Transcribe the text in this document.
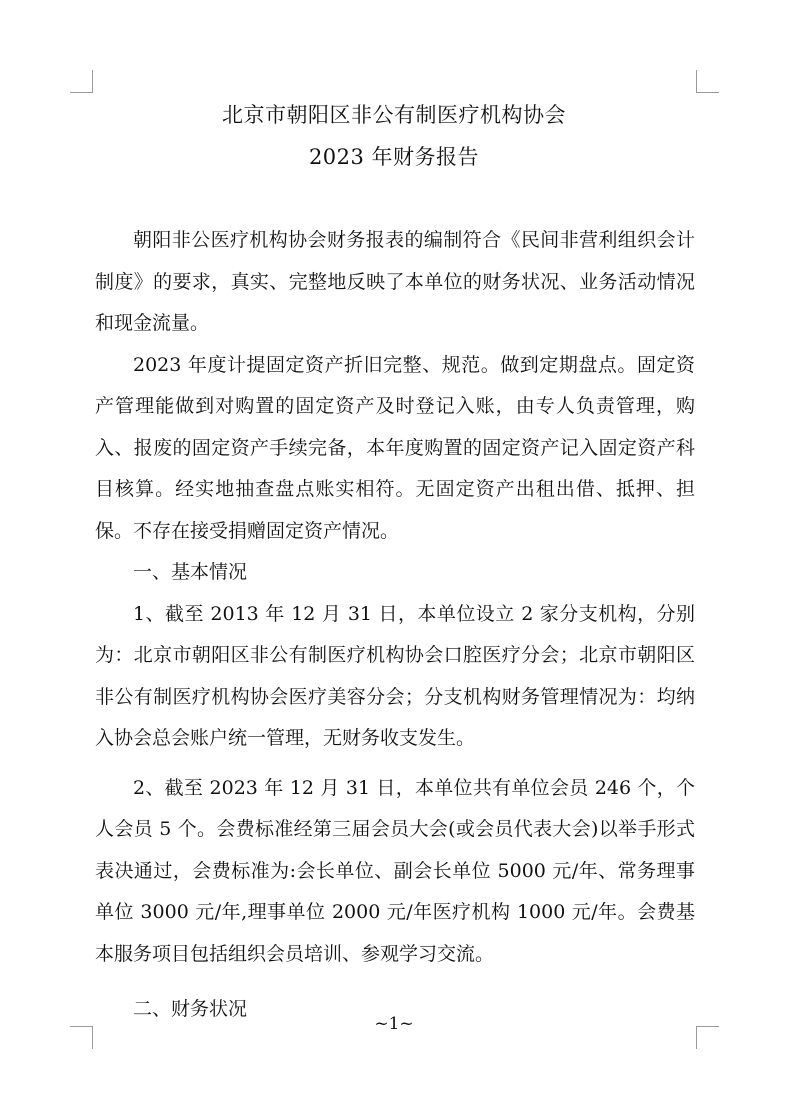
北京市朝阳区非公有制医疗机构协会
2023 年财务报告

朝阳非公医疗机构协会财务报表的编制符合《民间非营利组织会计制度》的要求，真实、完整地反映了本单位的财务状况、业务活动情况和现金流量。

2023 年度计提固定资产折旧完整、规范。做到定期盘点。固定资产管理能做到对购置的固定资产及时登记入账，由专人负责管理，购入、报废的固定资产手续完备，本年度购置的固定资产记入固定资产科目核算。经实地抽查盘点账实相符。无固定资产出租出借、抵押、担保。不存在接受捐赠固定资产情况。

一、基本情况

1、截至 2013 年 12 月 31 日，本单位设立 2 家分支机构，分别为：北京市朝阳区非公有制医疗机构协会口腔医疗分会；北京市朝阳区非公有制医疗机构协会医疗美容分会；分支机构财务管理情况为：均纳入协会总会账户统一管理，无财务收支发生。

2、截至 2023 年 12 月 31 日，本单位共有单位会员 246 个，个人会员 5 个。会费标准经第三届会员大会(或会员代表大会)以举手形式表决通过，会费标准为:会长单位、副会长单位 5000 元/年、常务理事单位 3000 元/年,理事单位 2000 元/年医疗机构 1000 元/年。会费基本服务项目包括组织会员培训、参观学习交流。

二、财务状况

~1~
